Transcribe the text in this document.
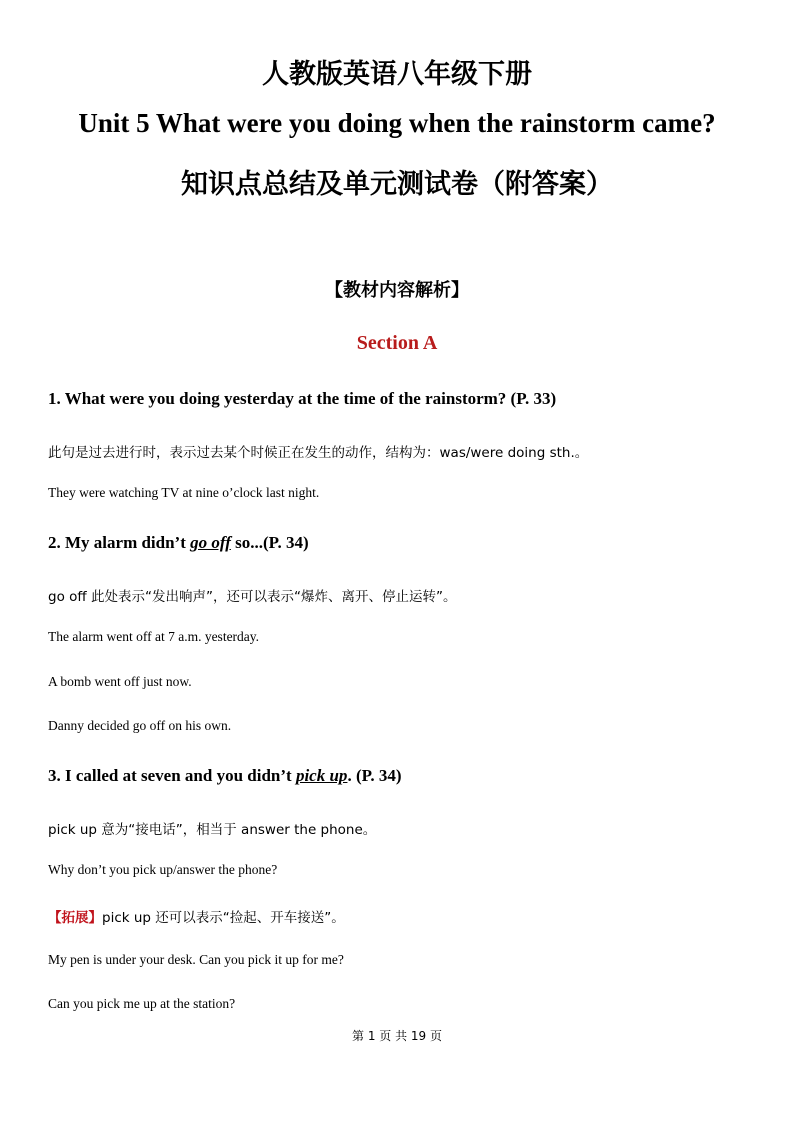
人教版英语八年级下册
Unit 5 What were you doing when the rainstorm came?
知识点总结及单元测试卷（附答案）

【教材内容解析】

Section A

1. What were you doing yesterday at the time of the rainstorm? (P. 33)

此句是过去进行时，表示过去某个时候正在发生的动作，结构为：was/were doing sth.。

They were watching TV at nine o’clock last night.

2. My alarm didn’t go off so...(P. 34)

go off 此处表示“发出响声”，还可以表示“爆炸、离开、停止运转”。

The alarm went off at 7 a.m. yesterday.

A bomb went off just now.

Danny decided go off on his own.

3. I called at seven and you didn’t pick up. (P. 34)

pick up 意为“接电话”，相当于 answer the phone。

Why don’t you pick up/answer the phone?

【拓展】pick up 还可以表示“捡起、开车接送”。

My pen is under your desk. Can you pick it up for me?

Can you pick me up at the station?

第 1 页 共 19 页
